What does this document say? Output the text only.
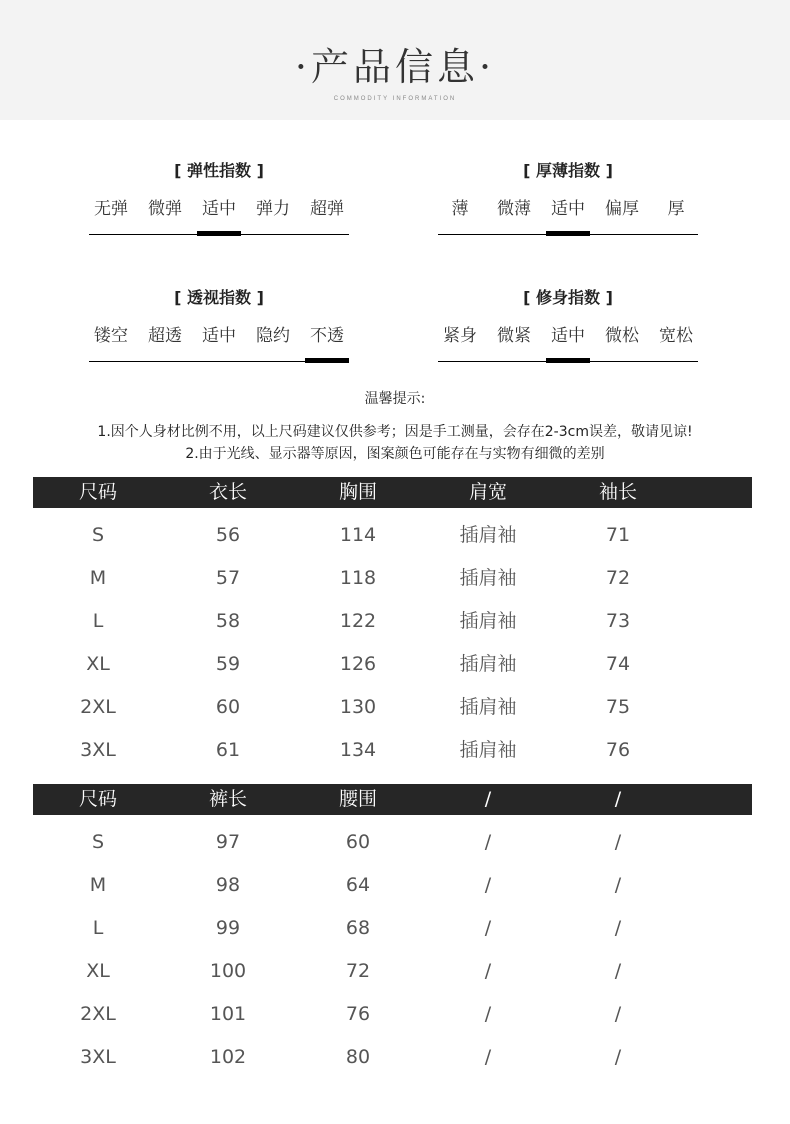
·产品信息·
COMMODITY INFORMATION
[ 弹性指数 ]
无弹 微弹 适中 弹力 超弹
[ 厚薄指数 ]
薄	微薄 适中 偏厚	厚
[ 透视指数 ]
镂空 超透 适中 隐约 不透
[ 修身指数 ]
紧身 微紧 适中 微松 宽松
温馨提示:
1.因个人身材比例不用，以上尺码建议仅供参考；因是手工测量，会存在2-3cm误差，敬请见谅!
2.由于光线、显示器等原因，图案颜色可能存在与实物有细微的差别
尺码	衣长	胸围	肩宽	袖长
S	56	114	插肩袖	71
M	57	118	插肩袖	72
L	58	122	插肩袖	73
XL	59	126	插肩袖	74
2XL	60	130	插肩袖	75
3XL	61	134	插肩袖	76
尺码	裤长	腰围	/	/
S	97	60	/	/
M	98	64	/	/
L	99	68	/	/
XL	100	72	/	/
2XL	101	76	/	/
3XL	102	80	/	/
